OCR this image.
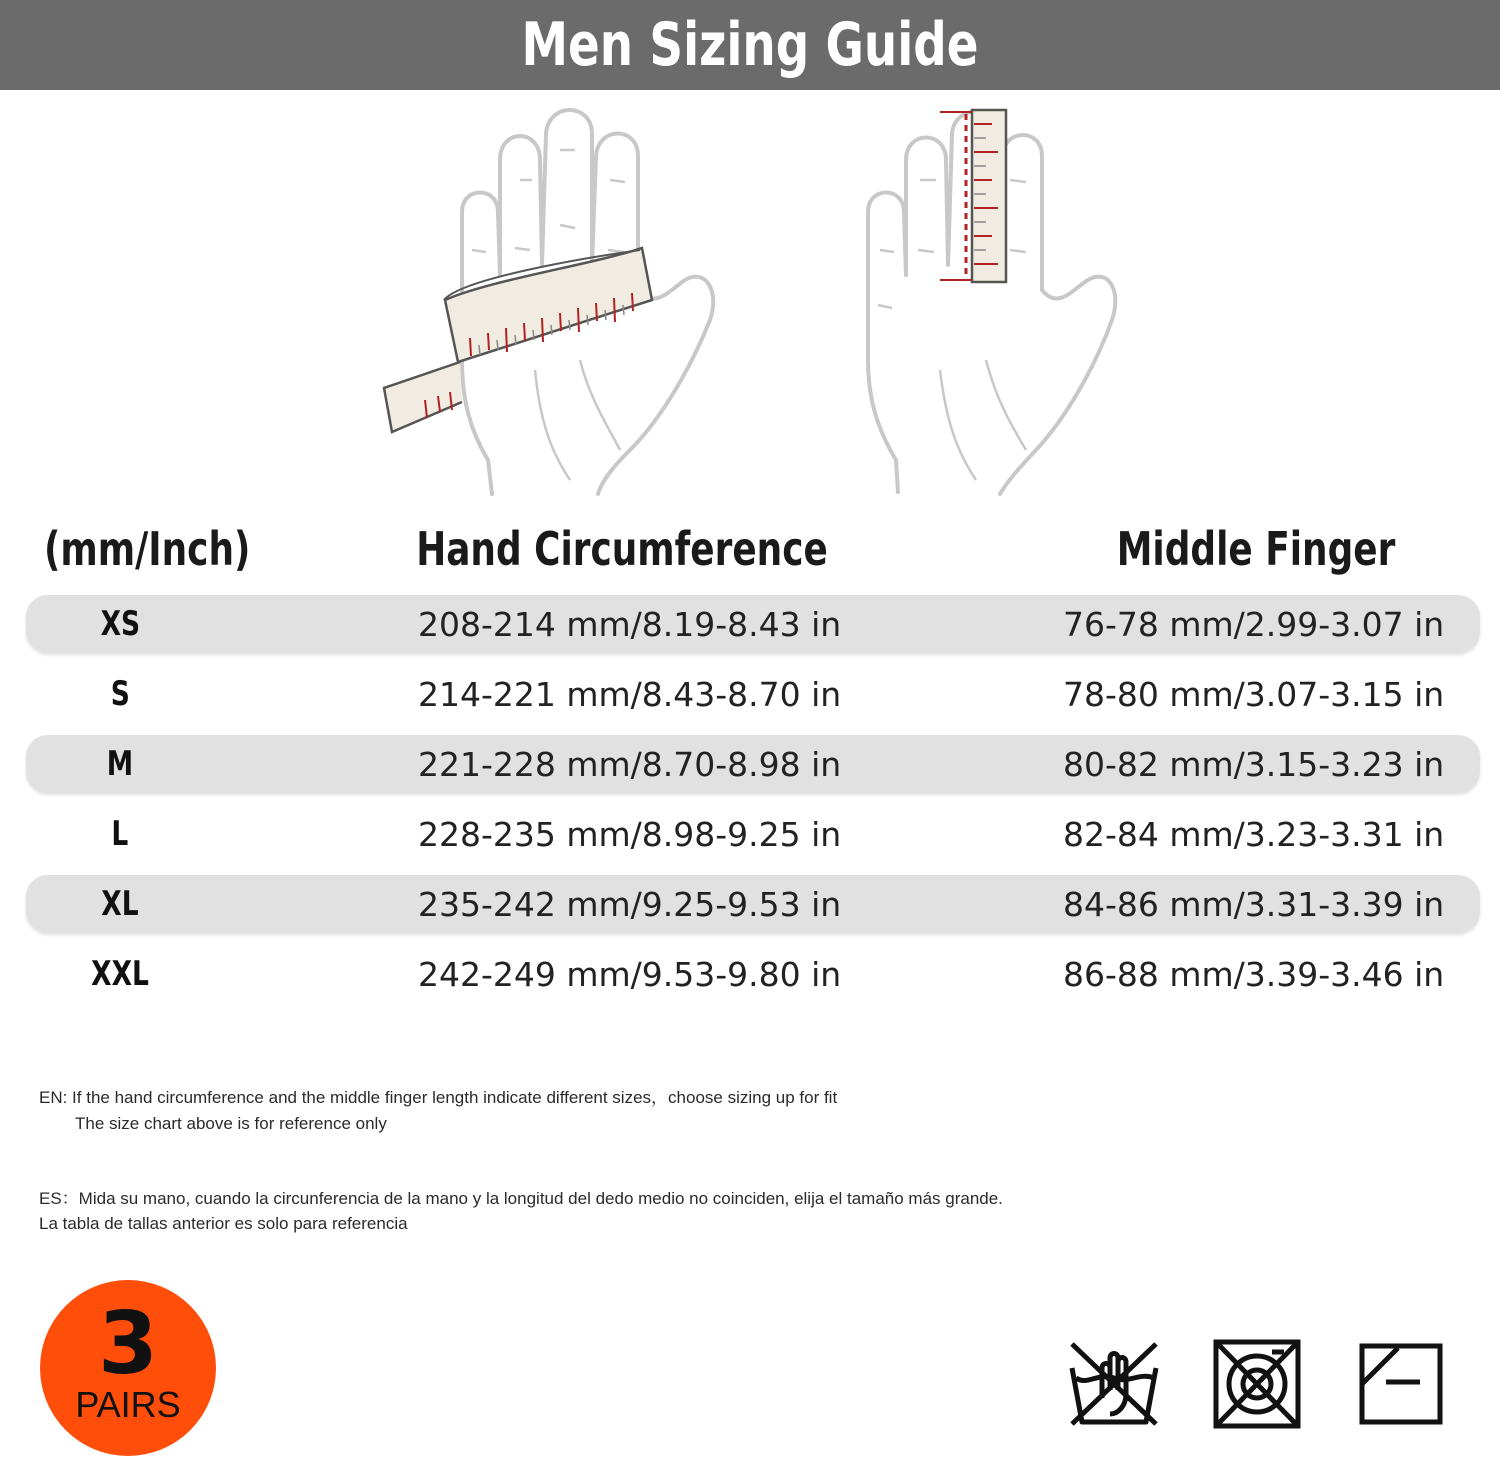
Men Sizing Guide
(mm/Inch)	Hand Circumference	Middle Finger
XS	208-214 mm/8.19-8.43 in	76-78 mm/2.99-3.07 in
S	214-221 mm/8.43-8.70 in	78-80 mm/3.07-3.15 in
M	221-228 mm/8.70-8.98 in	80-82 mm/3.15-3.23 in
L	228-235 mm/8.98-9.25 in	82-84 mm/3.23-3.31 in
XL	235-242 mm/9.25-9.53 in	84-86 mm/3.31-3.39 in
XXL	242-249 mm/9.53-9.80 in	86-88 mm/3.39-3.46 in
EN: If the hand circumference and the middle finger length indicate different sizes，choose sizing up for fit
The size chart above is for reference only
ES：Mida su mano, cuando la circunferencia de la mano y la longitud del dedo medio no coinciden, elija el tamaño más grande.
La tabla de tallas anterior es solo para referencia
3
PAIRS
